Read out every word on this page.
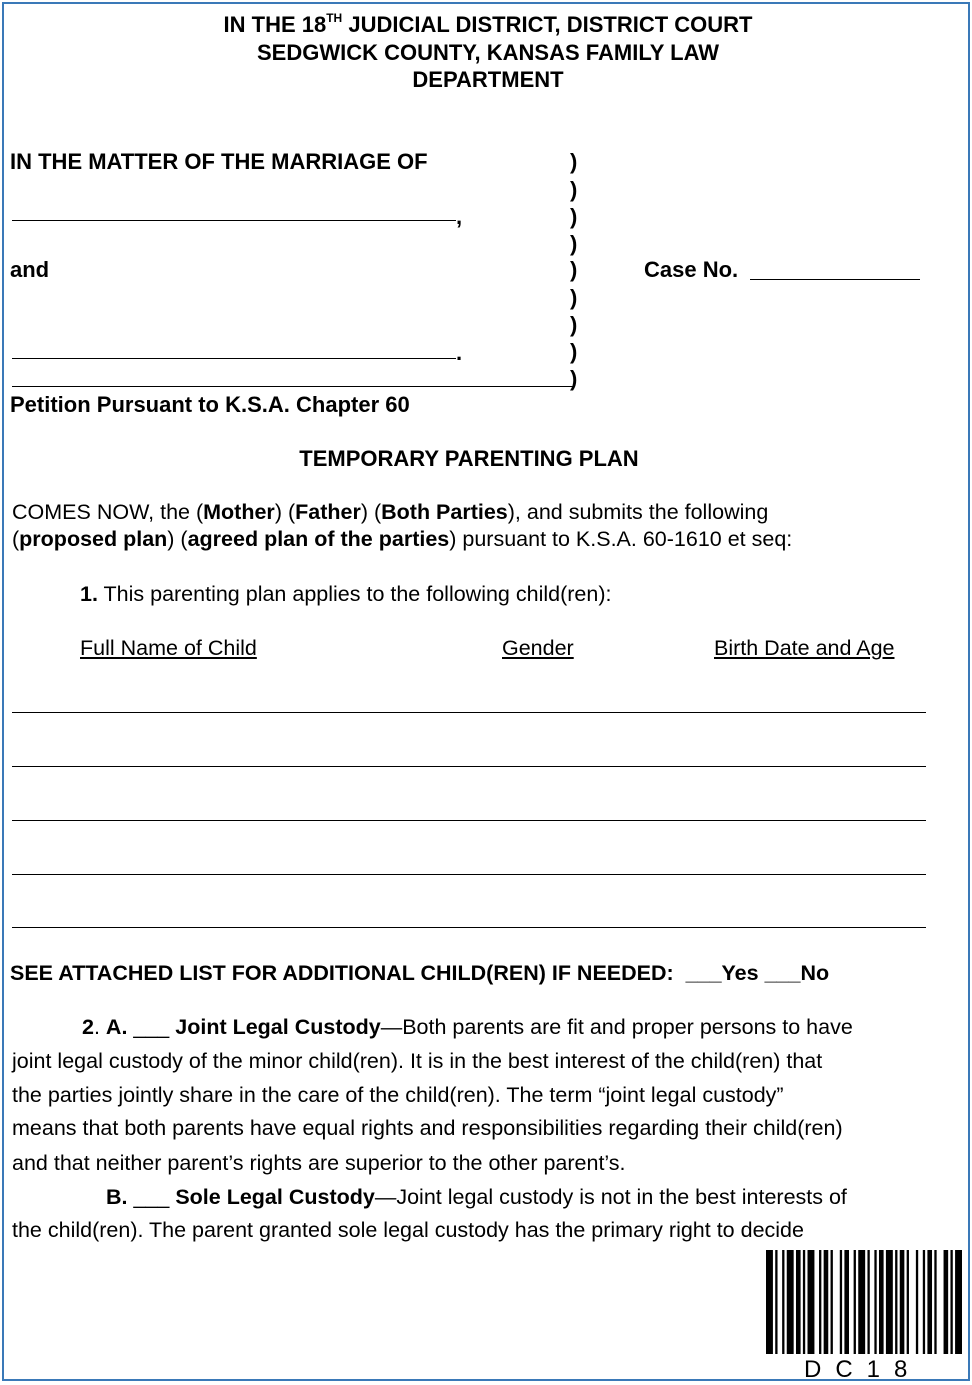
IN THE 18TH JUDICIAL DISTRICT, DISTRICT COURT
SEDGWICK COUNTY, KANSAS FAMILY LAW
DEPARTMENT
IN THE MATTER OF THE MARRIAGE OF
,
and
.
)
)
)
)
)
)
)
)
)
Case No.
Petition Pursuant to K.S.A. Chapter 60
TEMPORARY PARENTING PLAN
COMES NOW, the (Mother) (Father) (Both Parties), and submits the following
(proposed plan) (agreed plan of the parties) pursuant to K.S.A. 60-1610 et seq:
1. This parenting plan applies to the following child(ren):
Full Name of Child	Gender	Birth Date and Age
SEE ATTACHED LIST FOR ADDITIONAL CHILD(REN) IF NEEDED: ___Yes ___No
2. A. ___ Joint Legal Custody—Both parents are fit and proper persons to have
joint legal custody of the minor child(ren). It is in the best interest of the child(ren) that
the parties jointly share in the care of the child(ren). The term “joint legal custody”
means that both parents have equal rights and responsibilities regarding their child(ren)
and that neither parent’s rights are superior to the other parent’s.
B. ___ Sole Legal Custody—Joint legal custody is not in the best interests of
the child(ren). The parent granted sole legal custody has the primary right to decide
DC18
